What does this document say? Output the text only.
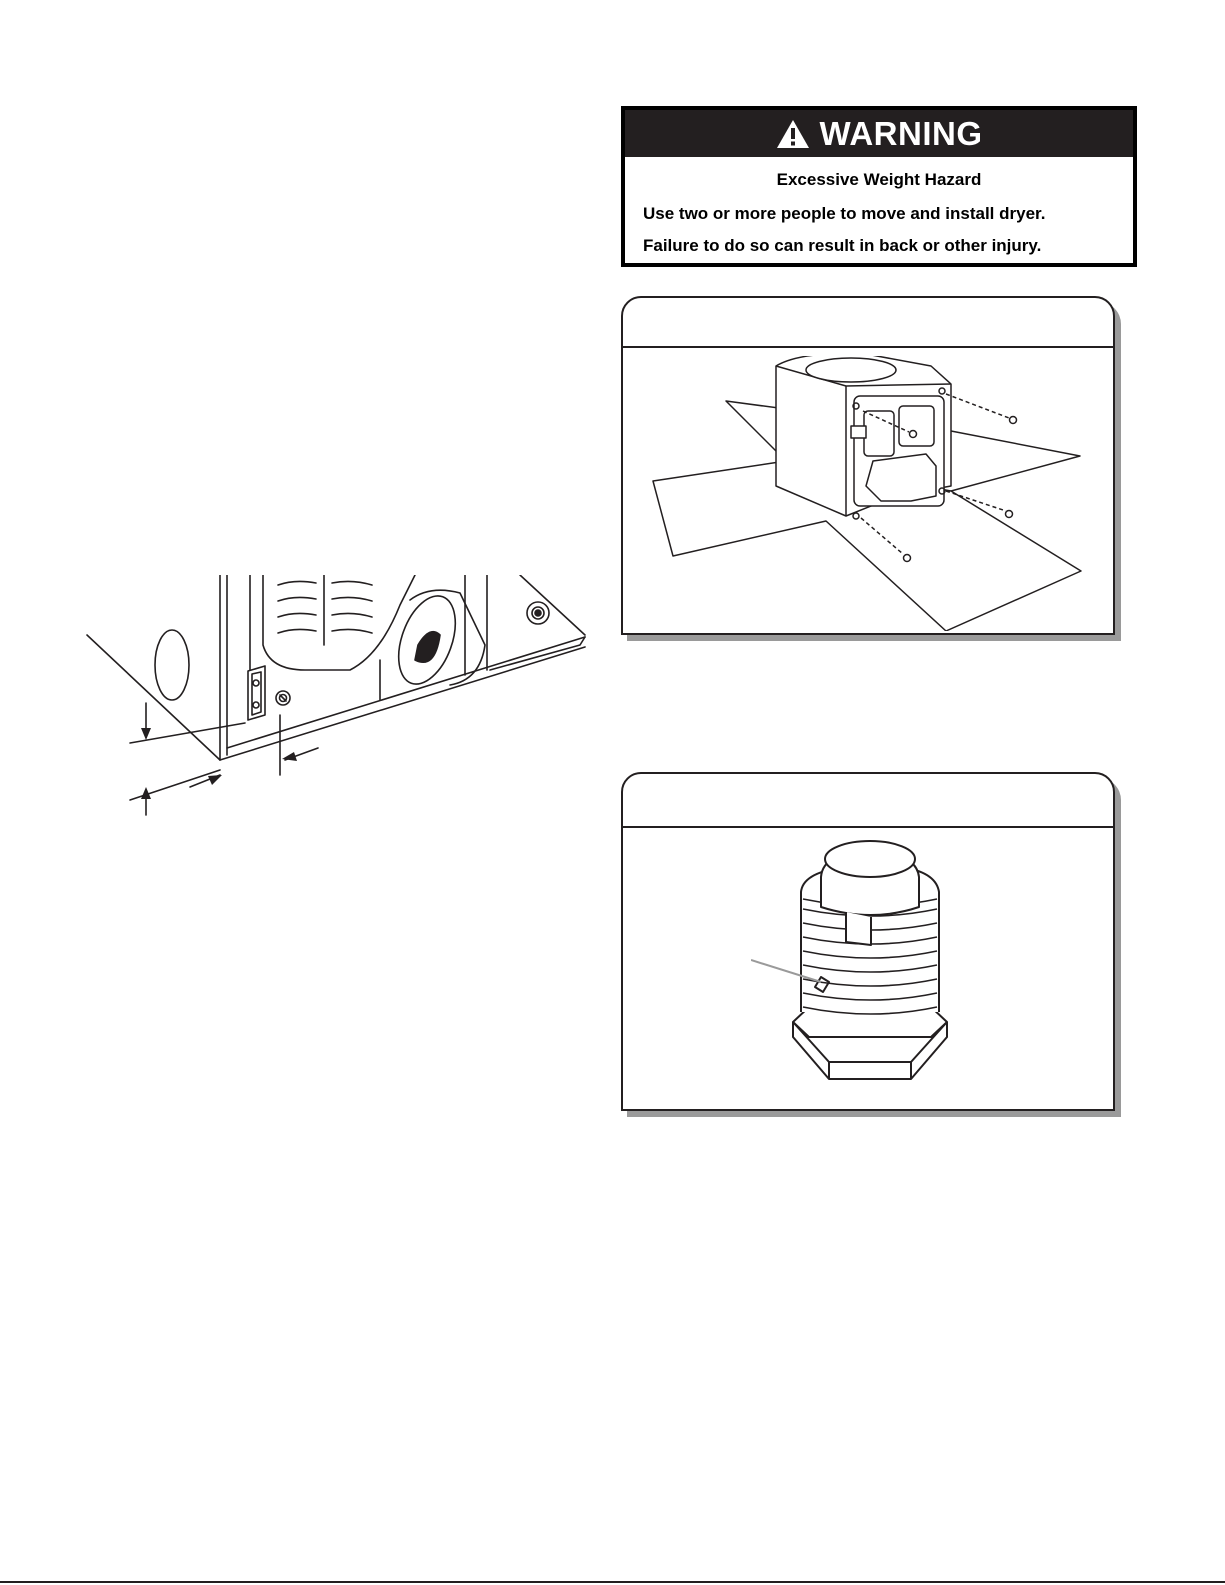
WARNING
Excessive Weight Hazard
Use two or more people to move and install dryer.
Failure to do so can result in back or other injury.
